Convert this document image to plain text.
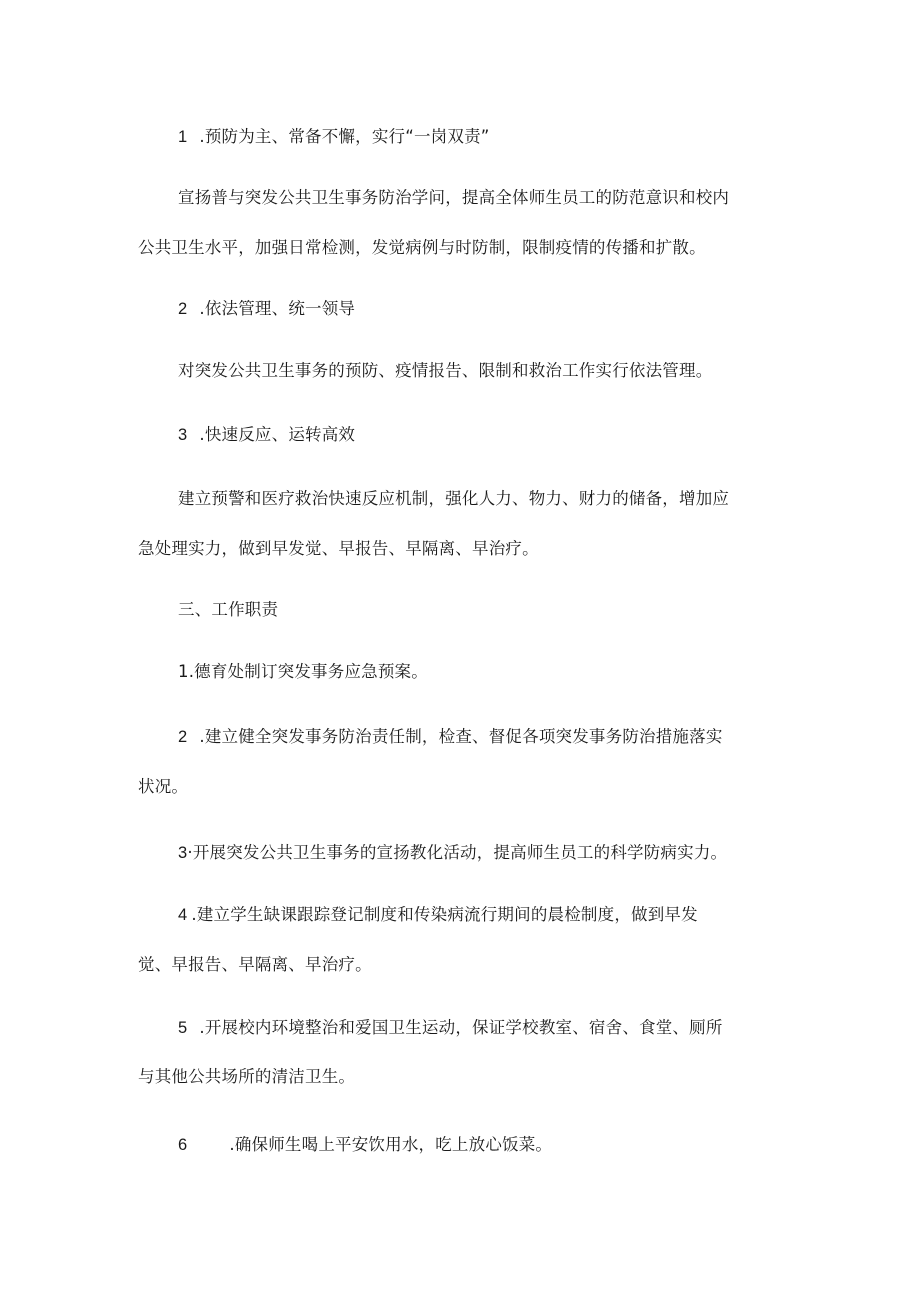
1 .预防为主、常备不懈，实行“一岗双责”
宣扬普与突发公共卫生事务防治学问，提高全体师生员工的防范意识和校内
公共卫生水平，加强日常检测，发觉病例与时防制，限制疫情的传播和扩散。
2 .依法管理、统一领导
对突发公共卫生事务的预防、疫情报告、限制和救治工作实行依法管理。
3 .快速反应、运转高效
建立预警和医疗救治快速反应机制，强化人力、物力、财力的储备，增加应
急处理实力，做到早发觉、早报告、早隔离、早治疗。
三、工作职责
1.德育处制订突发事务应急预案。
2 .建立健全突发事务防治责任制，检查、督促各项突发事务防治措施落实
状况。
3·开展突发公共卫生事务的宣扬教化活动，提高师生员工的科学防病实力。
4 .建立学生缺课跟踪登记制度和传染病流行期间的晨检制度，做到早发
觉、早报告、早隔离、早治疗。
5 .开展校内环境整治和爱国卫生运动，保证学校教室、宿舍、食堂、厕所
与其他公共场所的清洁卫生。
6	.确保师生喝上平安饮用水，吃上放心饭菜。
